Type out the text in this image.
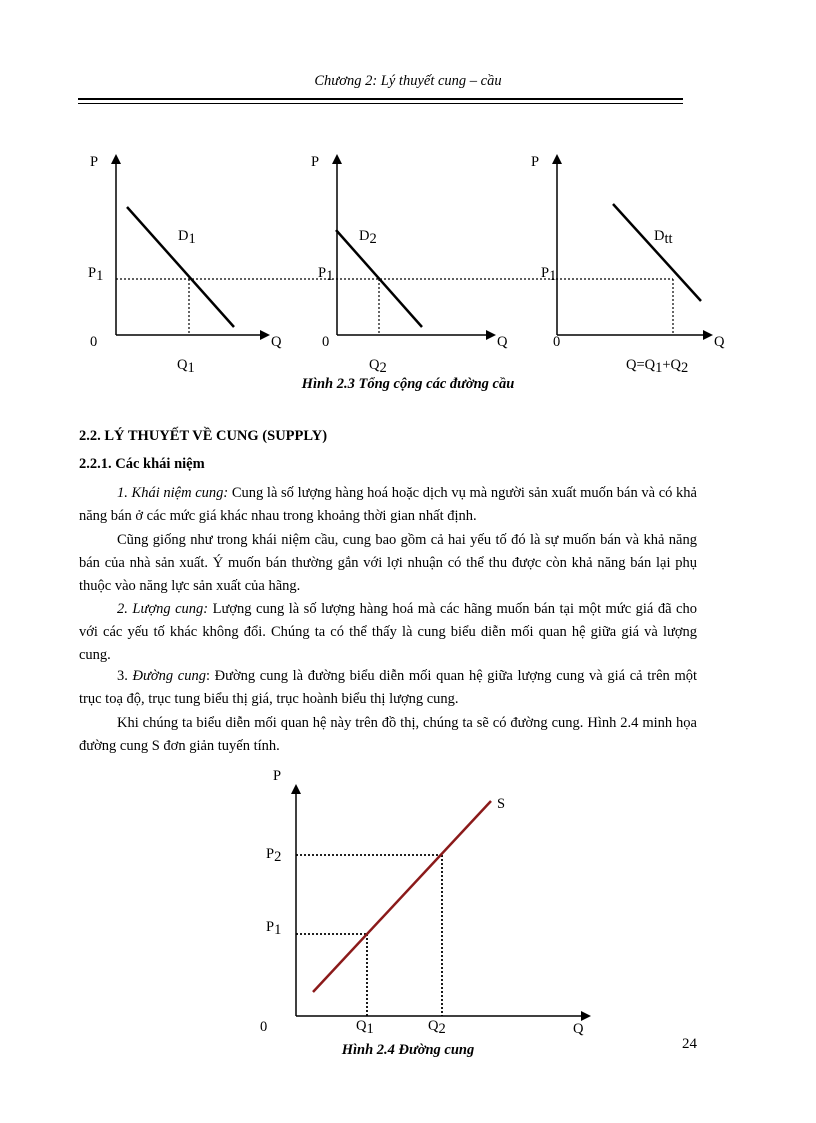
Chương 2: Lý thuyết cung – cầu
P
Q
0
D1
P1
Q1
P
Q
0
D2
P1
Q2
P
Q
0
Dtt
P1
Q=Q1+Q2
Hình 2.3 Tổng cộng các đường cầu
2.2. LÝ THUYẾT VỀ CUNG (SUPPLY)
2.2.1. Các khái niệm
1. Khái niệm cung: Cung là số lượng hàng hoá hoặc dịch vụ mà người sản xuất muốn bán và có khả năng bán ở các mức giá khác nhau trong khoảng thời gian nhất định.
Cũng giống như trong khái niệm cầu, cung bao gồm cả hai yếu tố đó là sự muốn bán và khả năng bán của nhà sản xuất. Ý muốn bán thường gắn với lợi nhuận có thể thu được còn khả năng bán lại phụ thuộc vào năng lực sản xuất của hãng.
2. Lượng cung: Lượng cung là số lượng hàng hoá mà các hãng muốn bán tại một mức giá đã cho với các yếu tố khác không đổi. Chúng ta có thể thấy là cung biểu diễn mối quan hệ giữa giá và lượng cung.
3. Đường cung: Đường cung là đường biểu diễn mối quan hệ giữa lượng cung và giá cả trên một trục toạ độ, trục tung biểu thị giá, trục hoành biểu thị lượng cung.
Khi chúng ta biểu diễn mối quan hệ này trên đồ thị, chúng ta sẽ có đường cung. Hình 2.4 minh họa đường cung S đơn giản tuyến tính.
P
Q
0
S
P2
P1
Q1	Q2
Hình 2.4 Đường cung	24
